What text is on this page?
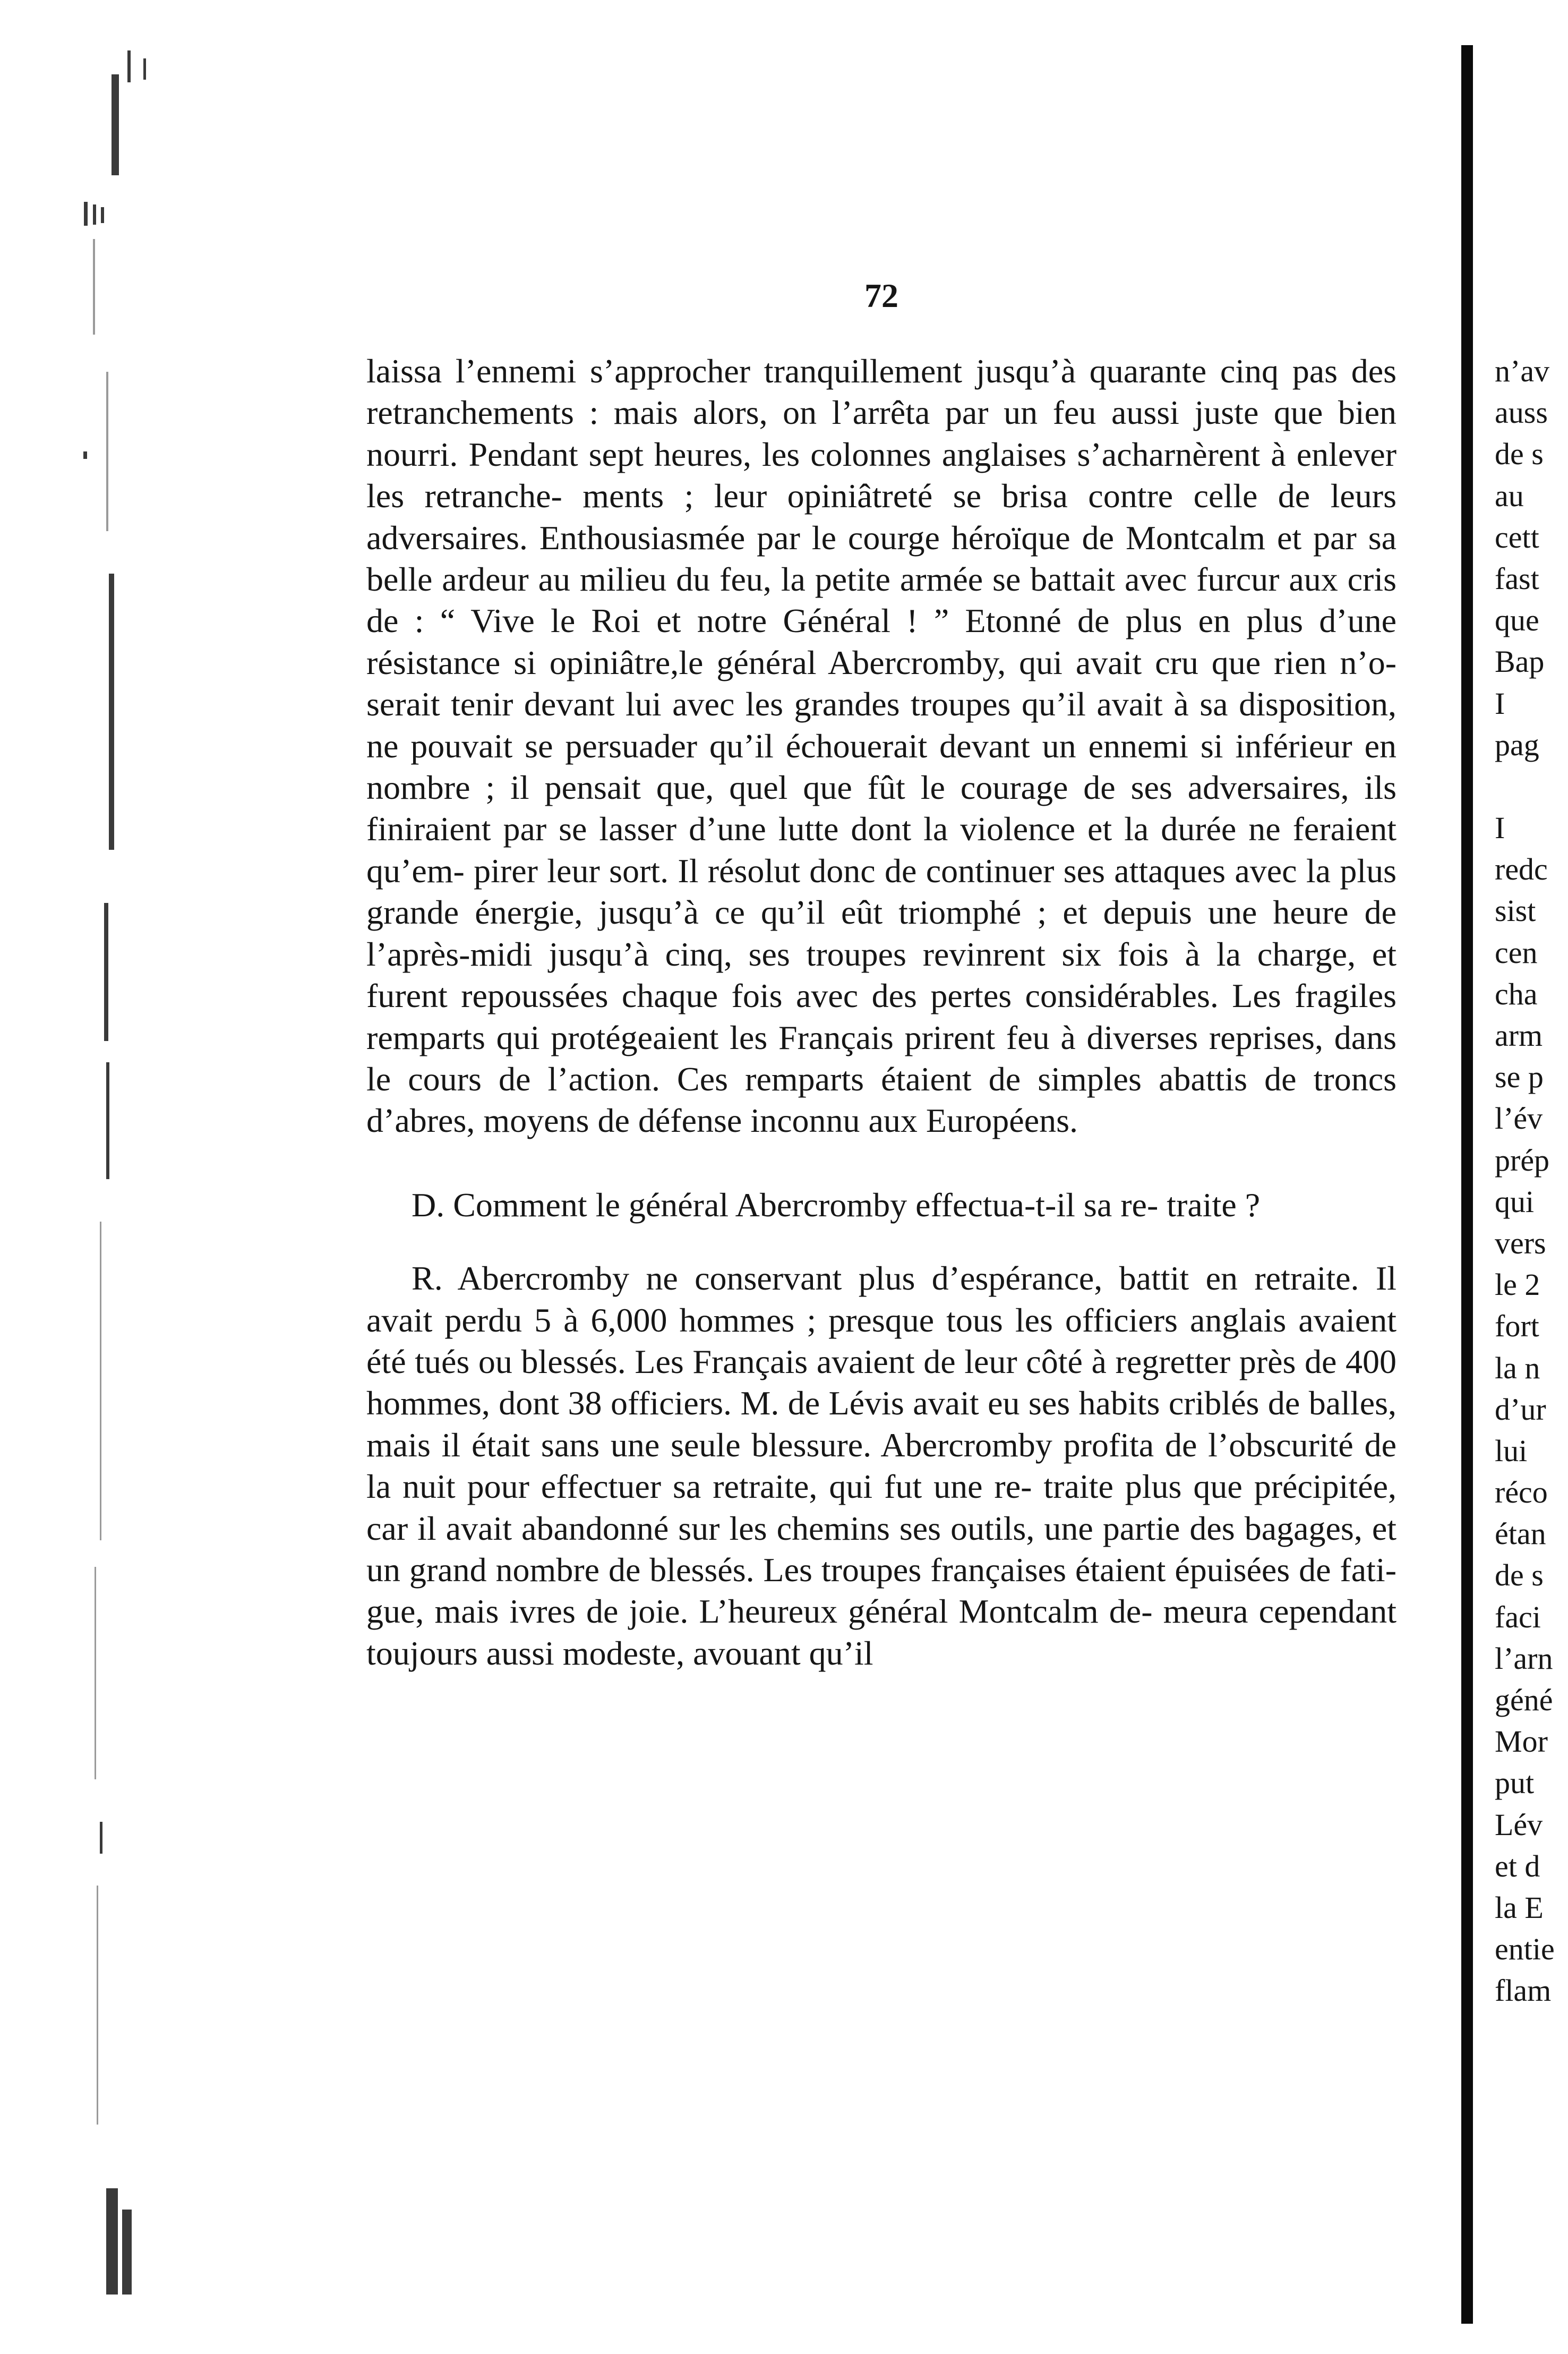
72

laissa l’ennemi s’approcher tranquillement jusqu’à quarante cinq pas des retranchements : mais alors, on l’arrêta par un feu aussi juste que bien nourri. Pendant sept heures, les colonnes anglaises s’acharnèrent à enlever les retranche- ments ; leur opiniâtreté se brisa contre celle de leurs adversaires. Enthousiasmée par le courge héroïque de Montcalm et par sa belle ardeur au milieu du feu, la petite armée se battait avec furcur aux cris de : “ Vive le Roi et notre Général ! ” Etonné de plus en plus d’une résistance si opiniâtre,le général Abercromby, qui avait cru que rien n’o- serait tenir devant lui avec les grandes troupes qu’il avait à sa disposition, ne pouvait se persuader qu’il échouerait devant un ennemi si inférieur en nombre ; il pensait que, quel que fût le courage de ses adversaires, ils finiraient par se lasser d’une lutte dont la violence et la durée ne feraient qu’em- pirer leur sort. Il résolut donc de continuer ses attaques avec la plus grande énergie, jusqu’à ce qu’il eût triomphé ; et depuis une heure de l’après-midi jusqu’à cinq, ses troupes revinrent six fois à la charge, et furent repoussées chaque fois avec des pertes considérables. Les fragiles remparts qui protégeaient les Français prirent feu à diverses reprises, dans le cours de l’action. Ces remparts étaient de simples abattis de troncs d’abres, moyens de défense inconnu aux Européens.

D. Comment le général Abercromby effectua-t-il sa re- traite ?

R. Abercromby ne conservant plus d’espérance, battit en retraite. Il avait perdu 5 à 6,000 hommes ; presque tous les officiers anglais avaient été tués ou blessés. Les Français avaient de leur côté à regretter près de 400 hommes, dont 38 officiers. M. de Lévis avait eu ses habits criblés de balles, mais il était sans une seule blessure. Abercromby profita de l’obscurité de la nuit pour effectuer sa retraite, qui fut une re- traite plus que précipitée, car il avait abandonné sur les chemins ses outils, une partie des bagages, et un grand nombre de blessés. Les troupes françaises étaient épuisées de fati- gue, mais ivres de joie. L’heureux général Montcalm de- meura cependant toujours aussi modeste, avouant qu’il

n’av
auss
de s
au
cett
fast
que
Bap
I
pag
I
redc
sist
cen
cha
arm
se p
l’év
prép
qui
vers
le 2
fort
la n
d’ur
lui
réco
étan
de s
faci
l’arn
géné
Mor
put
Lév
et d
la E
entie
flam
